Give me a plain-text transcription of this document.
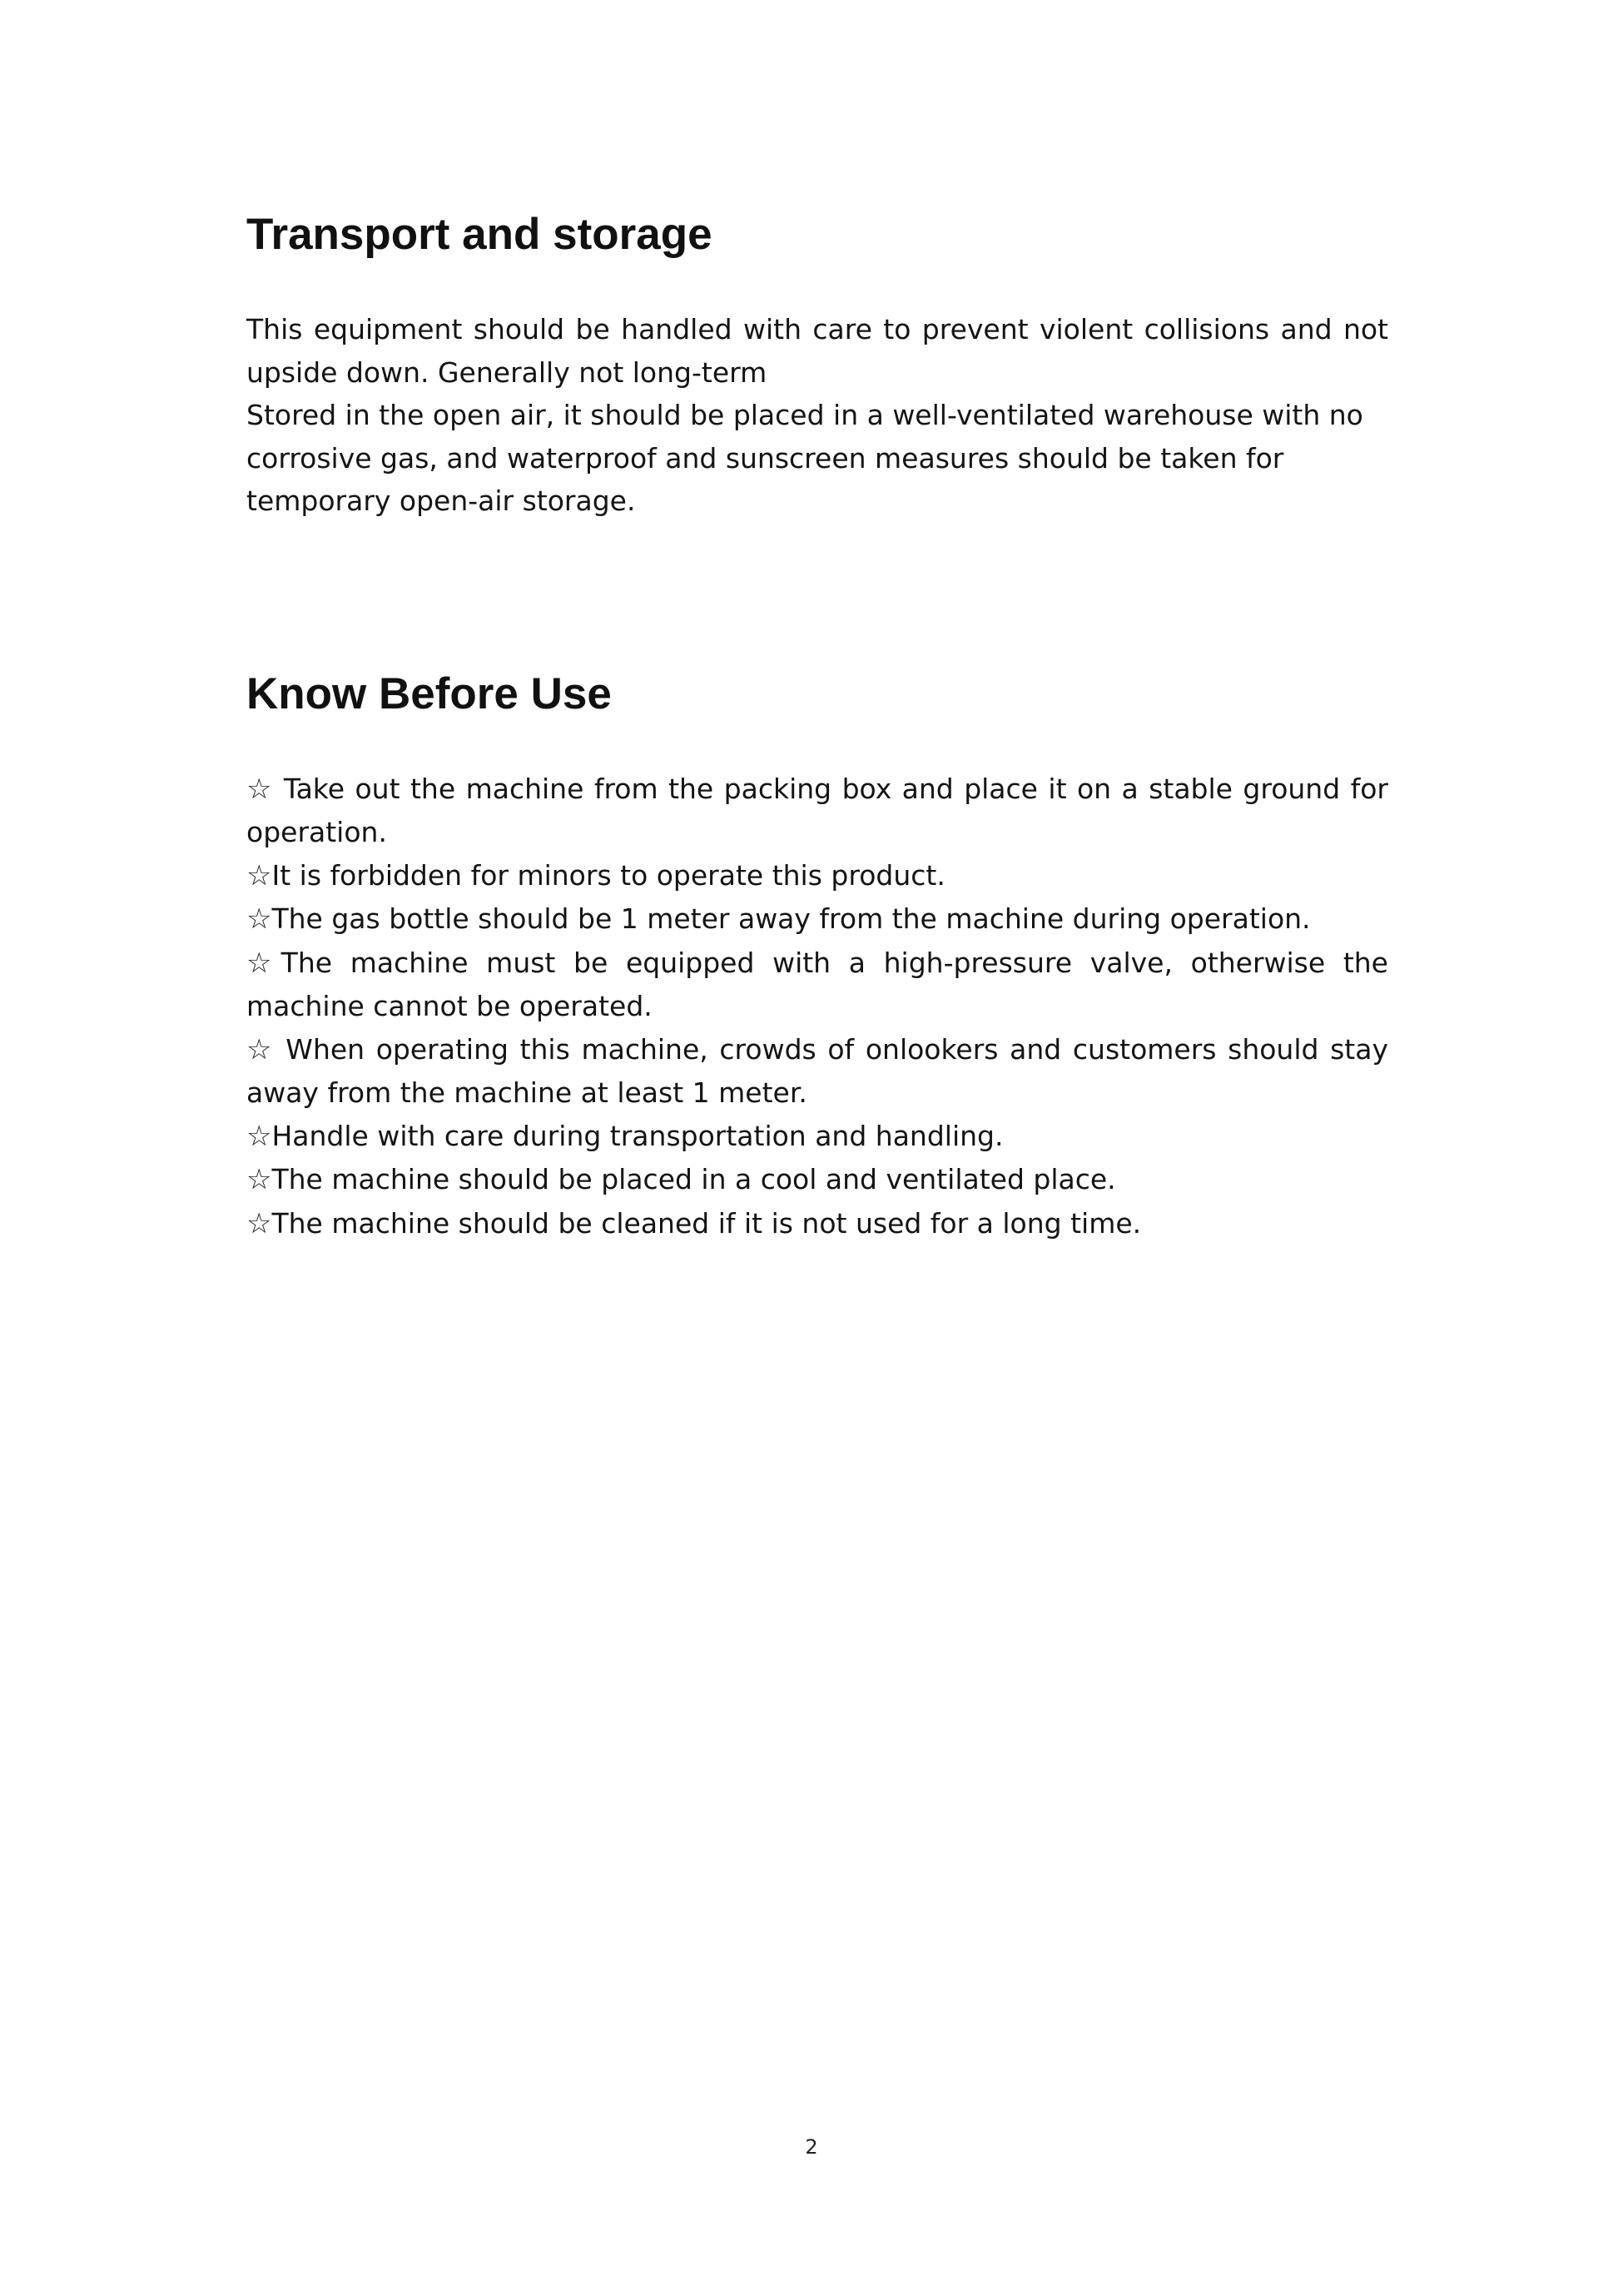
Transport and storage

This equipment should be handled with care to prevent violent collisions and not upside down. Generally not long-term

Stored in the open air, it should be placed in a well-ventilated warehouse with no corrosive gas, and waterproof and sunscreen measures should be taken for temporary open-air storage.

Know Before Use
☆ Take out the machine from the packing box and place it on a stable ground for operation.
☆It is forbidden for minors to operate this product.
☆The gas bottle should be 1 meter away from the machine during operation.
☆The machine must be equipped with a high-pressure valve, otherwise the machine cannot be operated.
☆ When operating this machine, crowds of onlookers and customers should stay away from the machine at least 1 meter.
☆Handle with care during transportation and handling.
☆The machine should be placed in a cool and ventilated place.
☆The machine should be cleaned if it is not used for a long time.
2
